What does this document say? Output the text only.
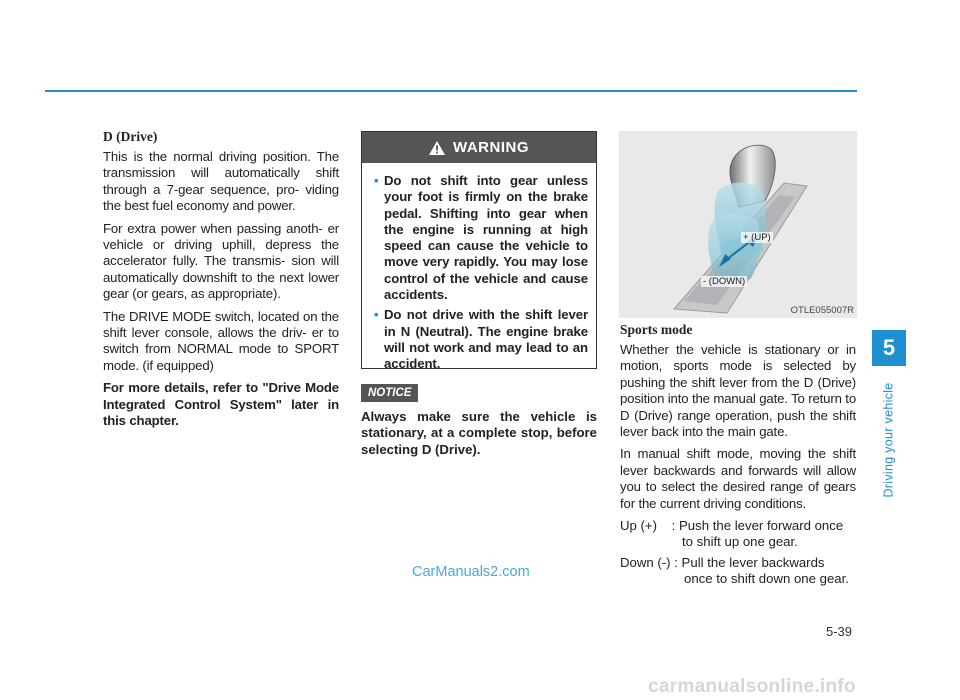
D (Drive)

This is the normal driving position. The transmission will automatically shift through a 7-gear sequence, pro- viding the best fuel economy and power.

For extra power when passing anoth- er vehicle or driving uphill, depress the accelerator fully. The transmis- sion will automatically downshift to the next lower gear (or gears, as appropriate).

The DRIVE MODE switch, located on the shift lever console, allows the driv- er to switch from NORMAL mode to SPORT mode. (if equipped)

For more details, refer to "Drive Mode Integrated Control System" later in this chapter.

WARNING
• Do not shift into gear unless your foot is firmly on the brake pedal. Shifting into gear when the engine is running at high speed can cause the vehicle to move very rapidly. You may lose control of the vehicle and cause accidents.
• Do not drive with the shift lever in N (Neutral). The engine brake will not work and may lead to an accident.
NOTICE

Always make sure the vehicle is stationary, at a complete stop, before selecting D (Drive).

+ (UP)
- (DOWN)
OTLE055007R

Sports mode

Whether the vehicle is stationary or in motion, sports mode is selected by pushing the shift lever from the D (Drive) position into the manual gate. To return to D (Drive) range operation, push the shift lever back into the main gate.

In manual shift mode, moving the shift lever backwards and forwards will allow you to select the desired range of gears for the current driving conditions.

Up (+) : Push the lever forward once
to shift up one gear.

Down (-) : Pull the lever backwards
once to shift down one gear.

5
Driving your vehicle
5-39
CarManuals2.com
carmanualsonline.info
